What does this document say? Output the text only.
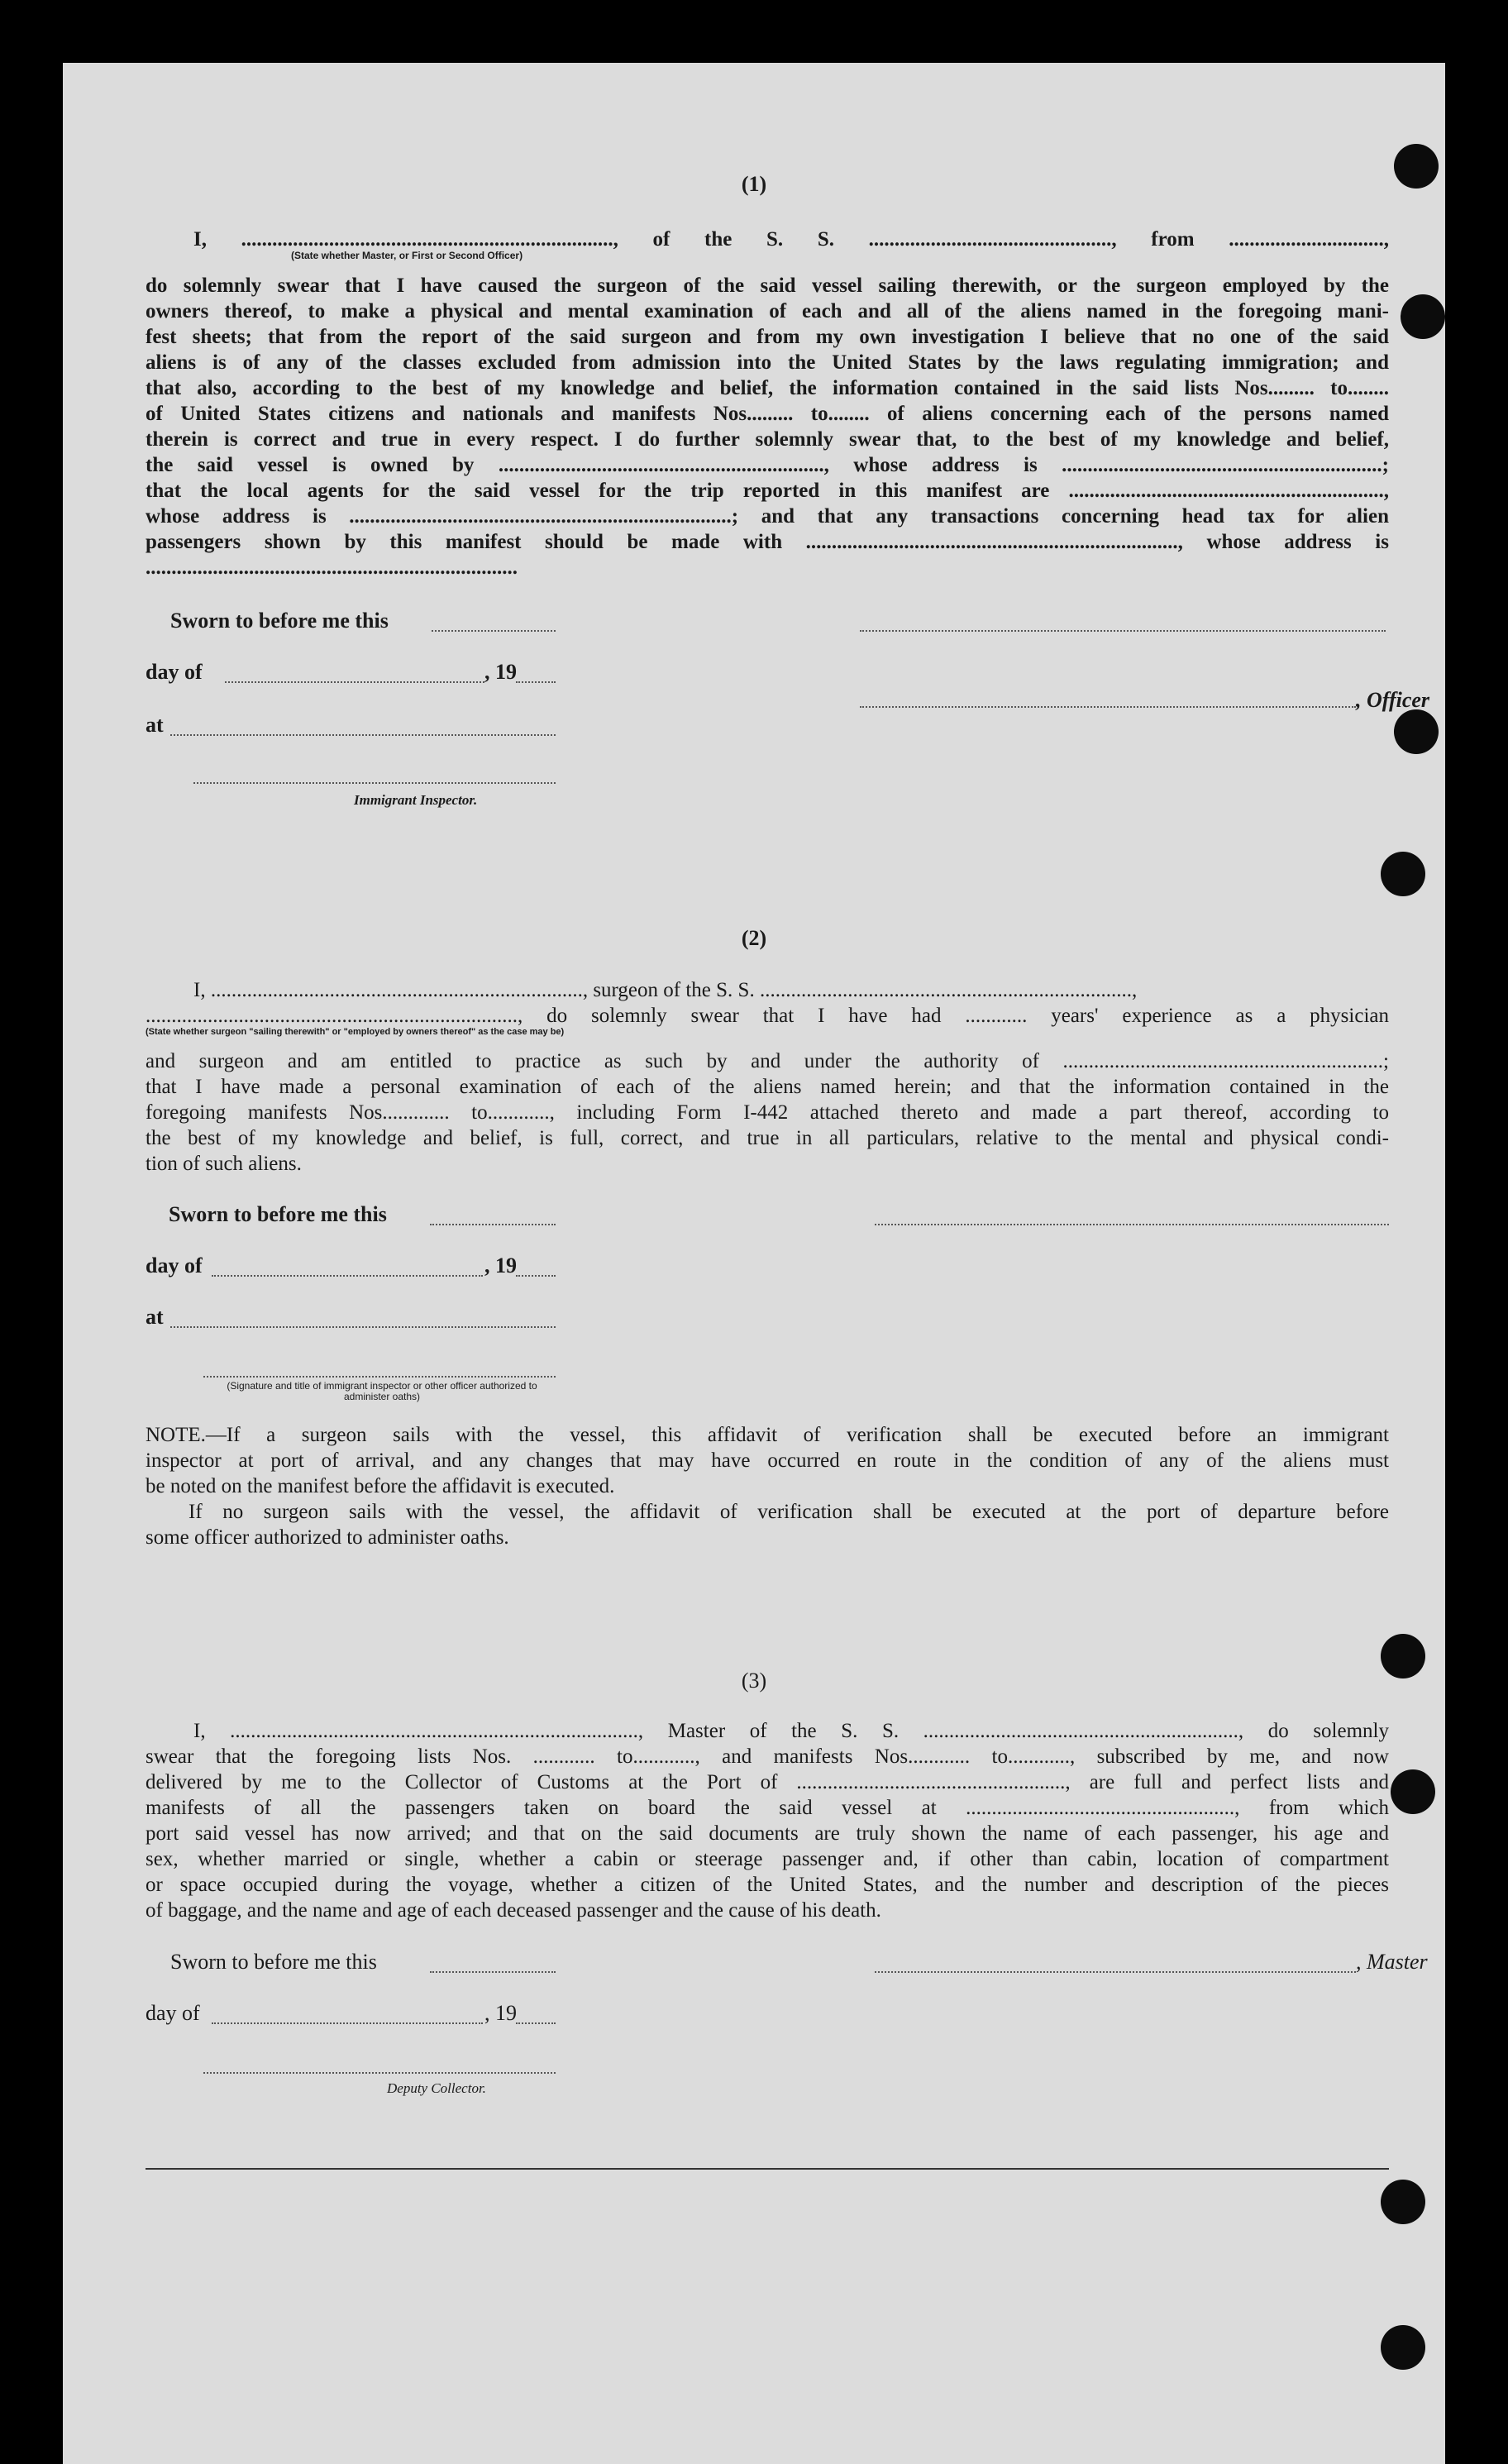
(1)
I, ........................................................................, of the S. S. ..............................................., from ..............................,
(State whether Master, or First or Second Officer)
do solemnly swear that I have caused the surgeon of the said vessel sailing therewith, or the surgeon employed by the
owners thereof, to make a physical and mental examination of each and all of the aliens named in the foregoing mani-
fest sheets; that from the report of the said surgeon and from my own investigation I believe that no one of the said
aliens is of any of the classes excluded from admission into the United States by the laws regulating immigration; and
that also, according to the best of my knowledge and belief, the information contained in the said lists Nos......... to........
of United States citizens and nationals and manifests Nos......... to........ of aliens concerning each of the persons named
therein is correct and true in every respect. I do further solemnly swear that, to the best of my knowledge and belief,
the said vessel is owned by ..............................................................., whose address is ..............................................................;
that the local agents for the said vessel for the trip reported in this manifest are .............................................................,
whose address is ..........................................................................; and that any transactions concerning head tax for alien
passengers shown by this manifest should be made with ........................................................................, whose address is
........................................................................
Sworn to before me this
day of	, 19
, Officer
at
Immigrant Inspector.
(2)
I, ........................................................................, surgeon of the S. S. ........................................................................,
........................................................................, do solemnly swear that I have had ............ years' experience as a physician
(State whether surgeon "sailing therewith" or "employed by owners thereof" as the case may be)
and surgeon and am entitled to practice as such by and under the authority of ..............................................................;
that I have made a personal examination of each of the aliens named herein; and that the information contained in the
foregoing manifests Nos............. to............, including Form I-442 attached thereto and made a part thereof, according to
the best of my knowledge and belief, is full, correct, and true in all particulars, relative to the mental and physical condi-
tion of such aliens.
Sworn to before me this
day of	, 19
at
(Signature and title of immigrant inspector or other officer authorized to administer oaths)
NOTE.—If a surgeon sails with the vessel, this affidavit of verification shall be executed before an immigrant
inspector at port of arrival, and any changes that may have occurred en route in the condition of any of the aliens must
be noted on the manifest before the affidavit is executed.
If no surgeon sails with the vessel, the affidavit of verification shall be executed at the port of departure before
some officer authorized to administer oaths.
(3)
I, ..............................................................................., Master of the S. S. ............................................................., do solemnly
swear that the foregoing lists Nos. ............ to............, and manifests Nos............ to............, subscribed by me, and now
delivered by me to the Collector of Customs at the Port of ...................................................., are full and perfect lists and
manifests of all the passengers taken on board the said vessel at ...................................................., from which
port said vessel has now arrived; and that on the said documents are truly shown the name of each passenger, his age and
sex, whether married or single, whether a cabin or steerage passenger and, if other than cabin, location of compartment
or space occupied during the voyage, whether a citizen of the United States, and the number and description of the pieces
of baggage, and the name and age of each deceased passenger and the cause of his death.
Sworn to before me this	, Master
day of	, 19
Deputy Collector.
